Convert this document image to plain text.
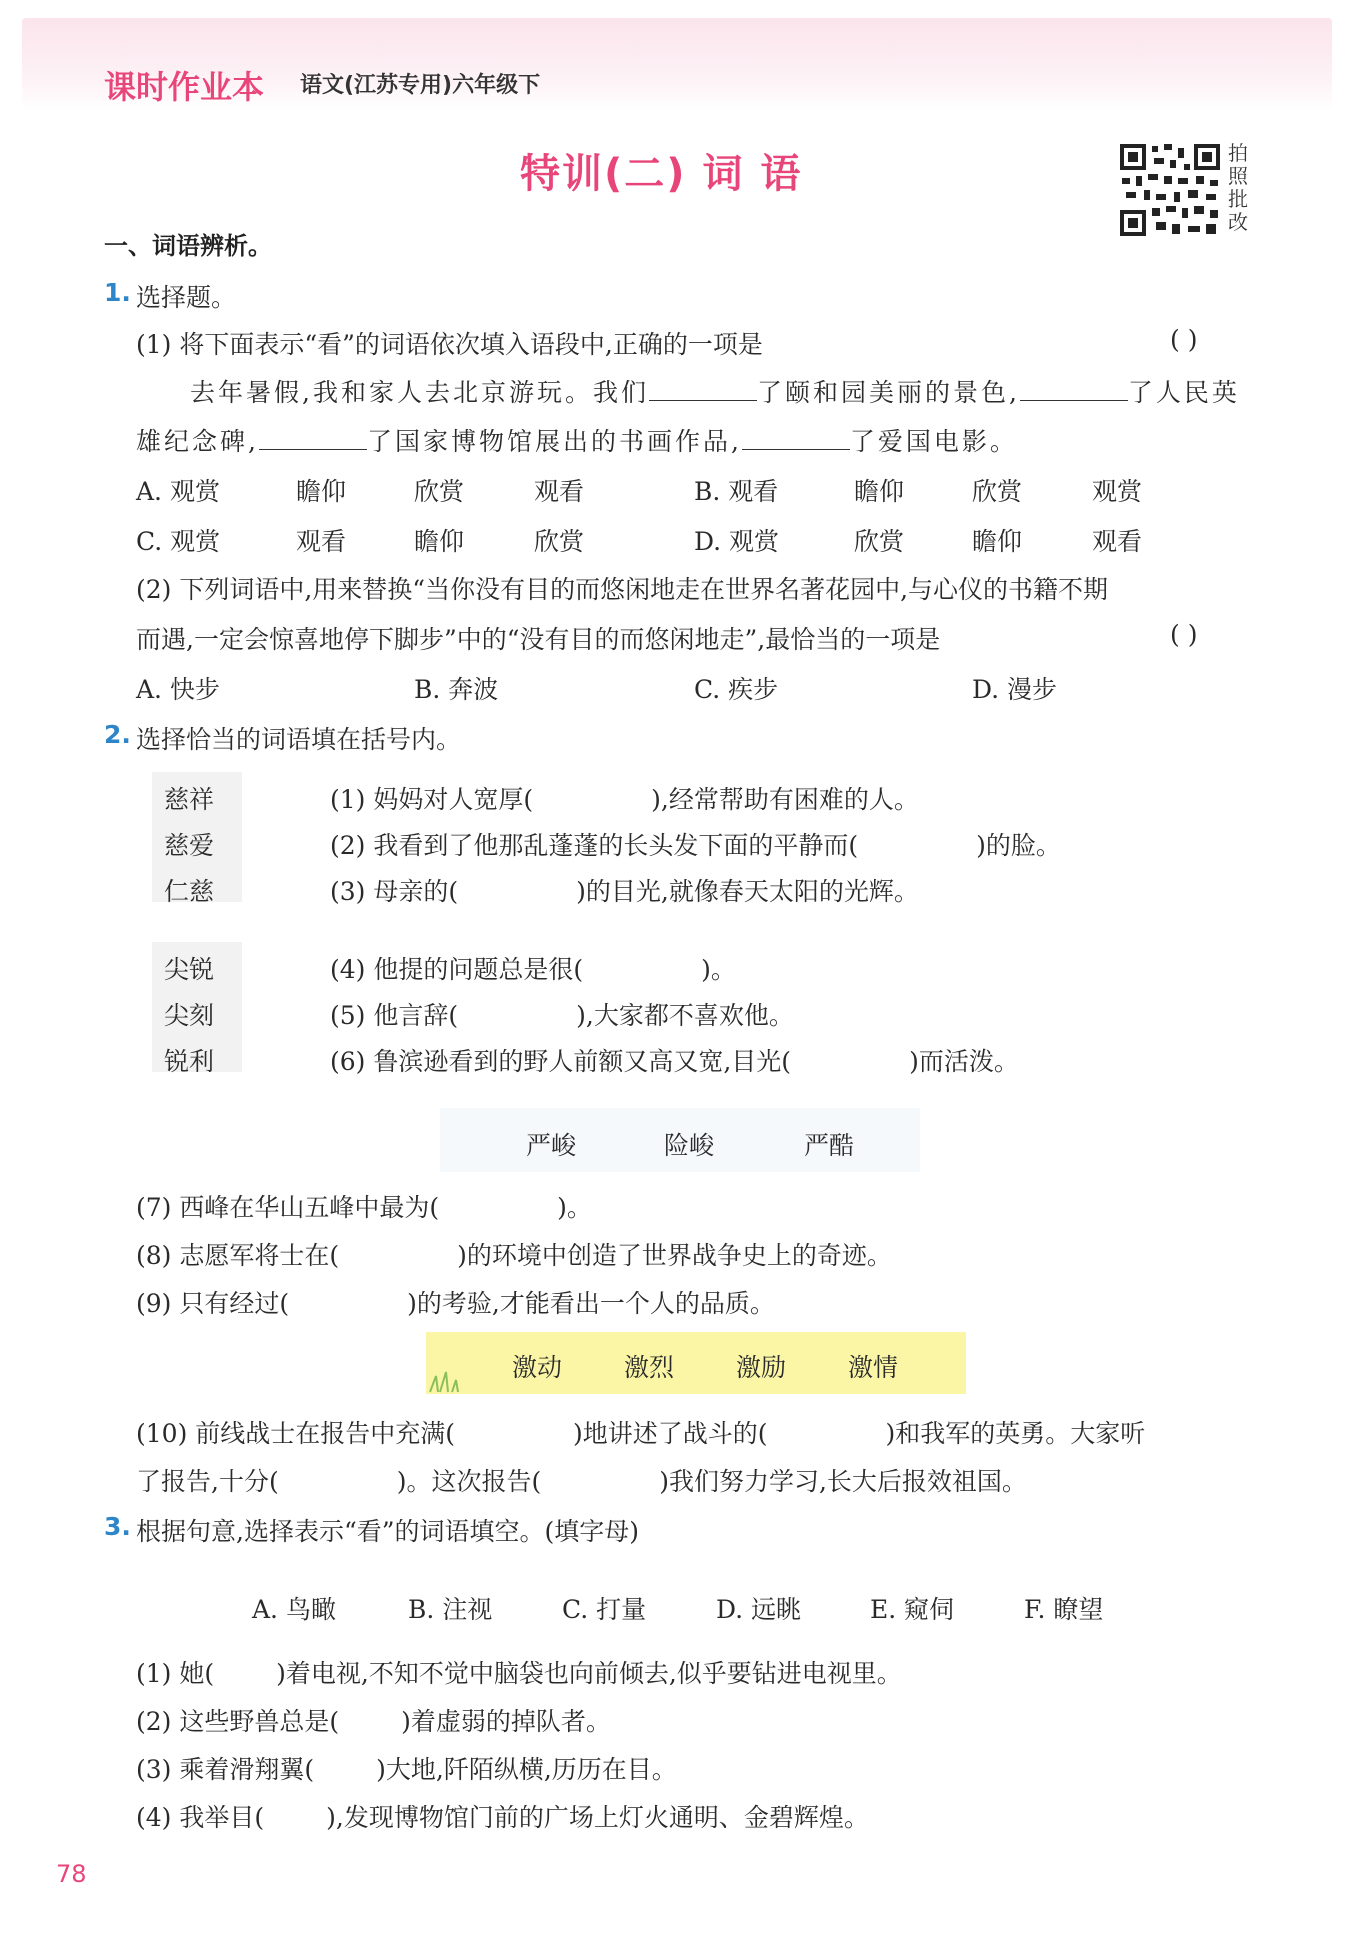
课时作业本 语文(江苏专用)六年级下
特训(二) 词 语	拍
照
批
改
一、词语辨析。
1. 选择题。
(1) 将下面表示“看”的词语依次填入语段中,正确的一项是	( )
去年暑假,我和家人去北京游玩。我们	了颐和园美丽的景色,	了人民英
雄纪念碑,	了国家博物馆展出的书画作品,	了爱国电影。
A. 观赏	瞻仰	欣赏	观看	B. 观看	瞻仰	欣赏	观赏
C. 观赏	观看	瞻仰	欣赏	D. 观赏	欣赏	瞻仰	观看
(2) 下列词语中,用来替换“当你没有目的而悠闲地走在世界名著花园中,与心仪的书籍不期
而遇,一定会惊喜地停下脚步”中的“没有目的而悠闲地走”,最恰当的一项是	( )
A. 快步	B. 奔波	C. 疾步	D. 漫步
2. 选择恰当的词语填在括号内。
慈祥
慈爱
仁慈
(1) 妈妈对人宽厚(	),经常帮助有困难的人。
(2) 我看到了他那乱蓬蓬的长头发下面的平静而(	)的脸。
(3) 母亲的(	)的目光,就像春天太阳的光辉。
尖锐
尖刻
锐利
(4) 他提的问题总是很(	)。
(5) 他言辞(	),大家都不喜欢他。
(6) 鲁滨逊看到的野人前额又高又宽,目光(	)而活泼。
严峻	险峻	严酷
(7) 西峰在华山五峰中最为(	)。
(8) 志愿军将士在(	)的环境中创造了世界战争史上的奇迹。
(9) 只有经过(	)的考验,才能看出一个人的品质。
激动 激烈 激励 激情
(10) 前线战士在报告中充满(	)地讲述了战斗的(	)和我军的英勇。大家听
了报告,十分(	)。这次报告(	)我们努力学习,长大后报效祖国。
3. 根据句意,选择表示“看”的词语填空。(填字母)
A. 鸟瞰	B. 注视	C. 打量	D. 远眺	E. 窥伺	F. 瞭望
(1) 她( )着电视,不知不觉中脑袋也向前倾去,似乎要钻进电视里。
(2) 这些野兽总是( )着虚弱的掉队者。
(3) 乘着滑翔翼( )大地,阡陌纵横,历历在目。
(4) 我举目( ),发现博物馆门前的广场上灯火通明、金碧辉煌。
78
